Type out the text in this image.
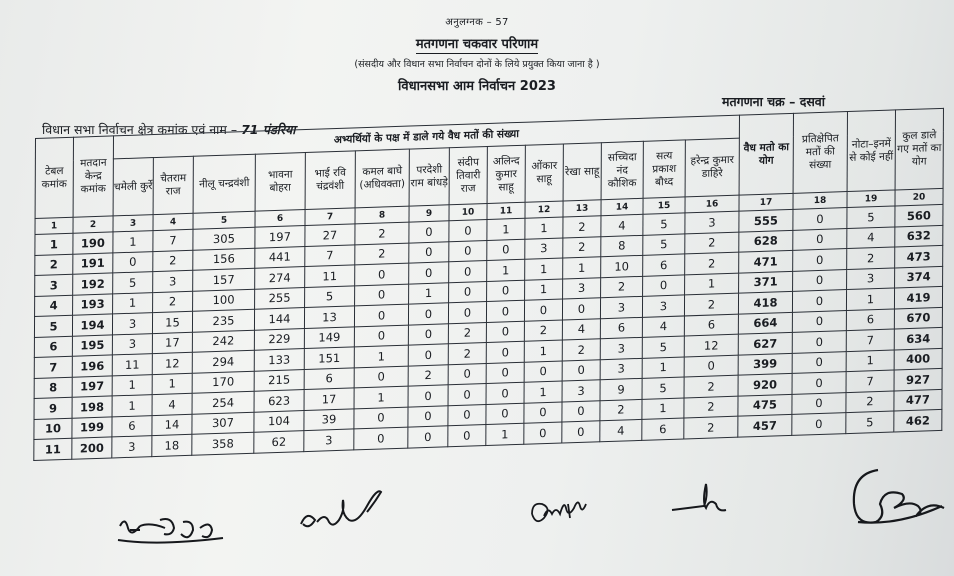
अनुलग्नक – 57
मतगणना चकवार परिणाम
(संसदीय और विधान सभा निर्वाचन दोनों के लिये प्रयुक्त किया जाना है )
विधानसभा आम निर्वाचन 2023
मतगणना चक्र – दसवां
विधान सभा निर्वाचन क्षेत्र कमांक एवं नाम – 71 पंडरिया
टेबल कमांक	मतदान केन्द्र कमांक	अभ्यर्थियों के पक्ष में डाले गये वैध मतों की संख्या														वैध मतो का योग	प्रतिक्षेपित मतों की संख्या	नोटा–इनमें से कोई नहीं	कुल डाले गए मतों का योग
		चमेली कुर्रे	चैतराम राज	नीलू चन्द्रवंशी	भावना बोहरा	भाई रवि चंद्रवंशी	कमल बाघे (अधिवक्ता)	परदेशी राम बांधड़े	संदीप तिवारी राज	अलिन्द कुमार साहू	ओंकार साहू	रेखा साहू	सच्चिदा नंद कौशिक	सत्य प्रकाश बौध्द	हरेन्द्र कुमार डाहिरे				
1	2	3	4	5	6	7	8	9	10	11	12	13	14	15	16	17	18	19	20
1	190	1	7	305	197	27	2	0	0	1	1	2	4	5	3	555	0	5	560
2	191	0	2	156	441	7	2	0	0	0	3	2	8	5	2	628	0	4	632
3	192	5	3	157	274	11	0	0	0	1	1	1	10	6	2	471	0	2	473
4	193	1	2	100	255	5	0	1	0	0	1	3	2	0	1	371	0	3	374
5	194	3	15	235	144	13	0	0	0	0	0	0	3	3	2	418	0	1	419
6	195	3	17	242	229	149	0	0	2	0	2	4	6	4	6	664	0	6	670
7	196	11	12	294	133	151	1	0	2	0	1	2	3	5	12	627	0	7	634
8	197	1	1	170	215	6	0	2	0	0	0	0	3	1	0	399	0	1	400
9	198	1	4	254	623	17	1	0	0	0	1	3	9	5	2	920	0	7	927
10	199	6	14	307	104	39	0	0	0	0	0	0	2	1	2	475	0	2	477
11	200	3	18	358	62	3	0	0	0	1	0	0	4	6	2	457	0	5	462
